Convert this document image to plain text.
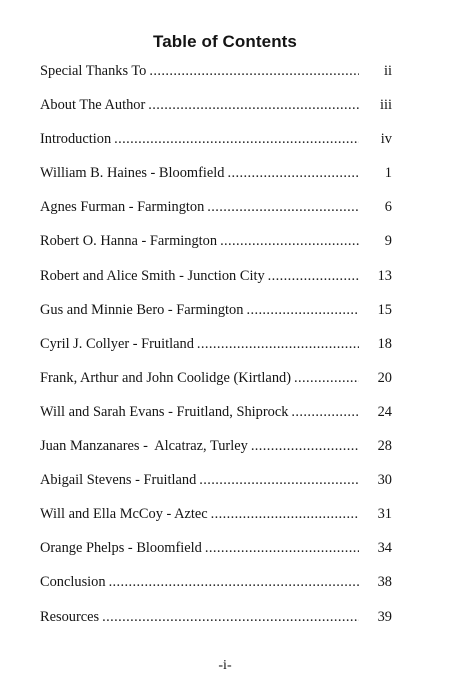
Table of Contents
Special Thanks To . . .	ii
About The Author . . .	iii
Introduction . . .	iv
William B. Haines - Bloomfield . . .	1
Agnes Furman - Farmington . . .	6
Robert O. Hanna - Farmington . . .	9
Robert and Alice Smith - Junction City . . .	13
Gus and Minnie Bero - Farmington . . .	15
Cyril J. Collyer - Fruitland . . .	18
Frank, Arthur and John Coolidge (Kirtland) . . .	20
Will and Sarah Evans - Fruitland, Shiprock . . .	24
Juan Manzanares -  Alcatraz, Turley . . .	28
Abigail Stevens - Fruitland . . .	30
Will and Ella McCoy - Aztec . . .	31
Orange Phelps - Bloomfield . . .	34
Conclusion . . .	38
Resources . . .	39
-i-
